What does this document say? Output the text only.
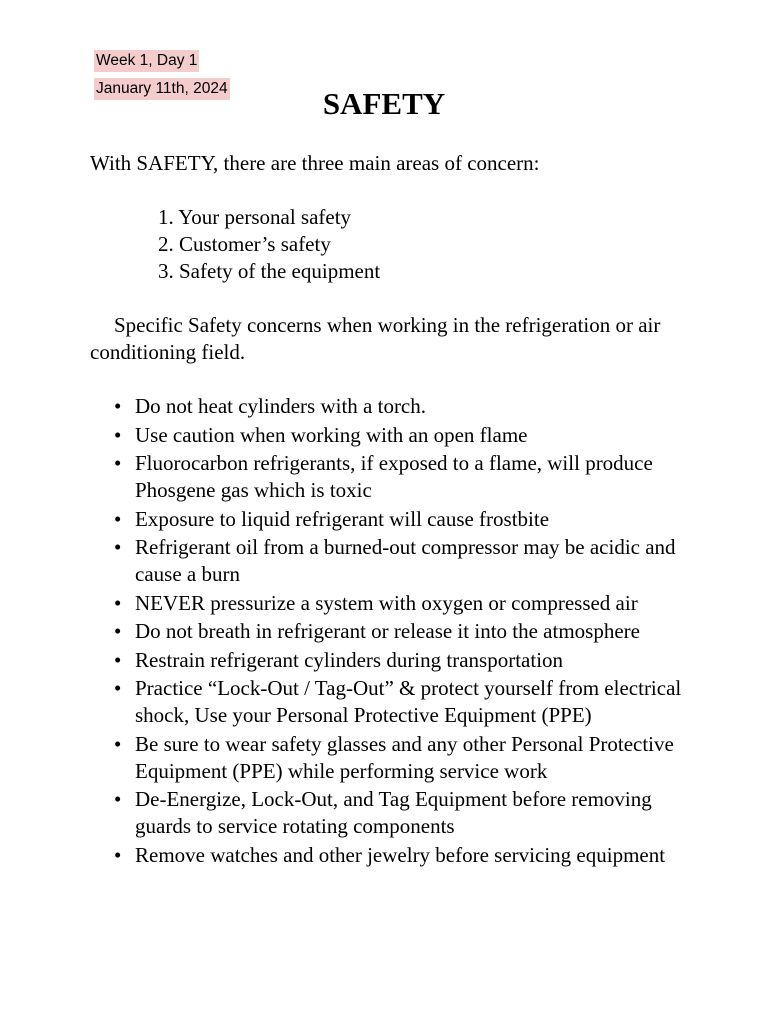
Week 1, Day 1
January 11th, 2024	SAFETY

With SAFETY, there are three main areas of concern:

1. Your personal safety
2. Customer’s safety
3. Safety of the equipment

Specific Safety concerns when working in the refrigeration or air conditioning field.

• Do not heat cylinders with a torch.
• Use caution when working with an open flame
• Fluorocarbon refrigerants, if exposed to a flame, will produce Phosgene gas which is toxic
• Exposure to liquid refrigerant will cause frostbite
• Refrigerant oil from a burned-out compressor may be acidic and cause a burn
• NEVER pressurize a system with oxygen or compressed air
• Do not breath in refrigerant or release it into the atmosphere
• Restrain refrigerant cylinders during transportation
• Practice “Lock-Out / Tag-Out” & protect yourself from electrical shock, Use your Personal Protective Equipment (PPE)
• Be sure to wear safety glasses and any other Personal Protective Equipment (PPE) while performing service work
• De-Energize, Lock-Out, and Tag Equipment before removing guards to service rotating components
• Remove watches and other jewelry before servicing equipment
